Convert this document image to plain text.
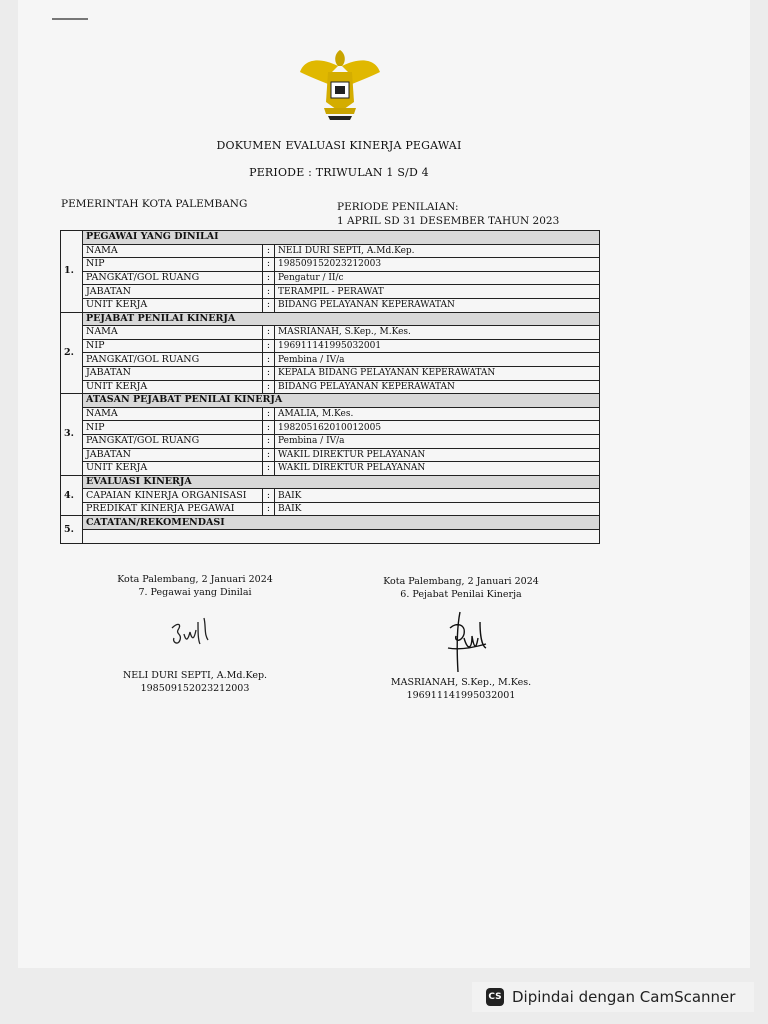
DOKUMEN EVALUASI KINERJA PEGAWAI
PERIODE : TRIWULAN 1 S/D 4
PEMERINTAH KOTA PALEMBANG	PERIODE PENILAIAN:
1 APRIL SD 31 DESEMBER TAHUN 2023
1.	PEGAWAI YANG DINILAI		
	NAMA	:	NELI DURI SEPTI, A.Md.Kep.
	NIP	:	198509152023212003
	PANGKAT/GOL RUANG	:	Pengatur / II/c
	JABATAN	:	TERAMPIL - PERAWAT
	UNIT KERJA	:	BIDANG PELAYANAN KEPERAWATAN
2.	PEJABAT PENILAI KINERJA		
	NAMA	:	MASRIANAH, S.Kep., M.Kes.
	NIP	:	196911141995032001
	PANGKAT/GOL RUANG	:	Pembina / IV/a
	JABATAN	:	KEPALA BIDANG PELAYANAN KEPERAWATAN
	UNIT KERJA	:	BIDANG PELAYANAN KEPERAWATAN
3.	ATASAN PEJABAT PENILAI KINERJA		
	NAMA	:	AMALIA, M.Kes.
	NIP	:	198205162010012005
	PANGKAT/GOL RUANG	:	Pembina / IV/a
	JABATAN	:	WAKIL DIREKTUR PELAYANAN
	UNIT KERJA	:	WAKIL DIREKTUR PELAYANAN
4.	EVALUASI KINERJA		
	CAPAIAN KINERJA ORGANISASI	:	BAIK
	PREDIKAT KINERJA PEGAWAI	:	BAIK
5.	CATATAN/REKOMENDASI		

Kota Palembang, 2 Januari 2024
7. Pegawai yang Dinilai
NELI DURI SEPTI, A.Md.Kep.
198509152023212003
Kota Palembang, 2 Januari 2024
6. Pejabat Penilai Kinerja
MASRIANAH, S.Kep., M.Kes.
196911141995032001
CS Dipindai dengan CamScanner
